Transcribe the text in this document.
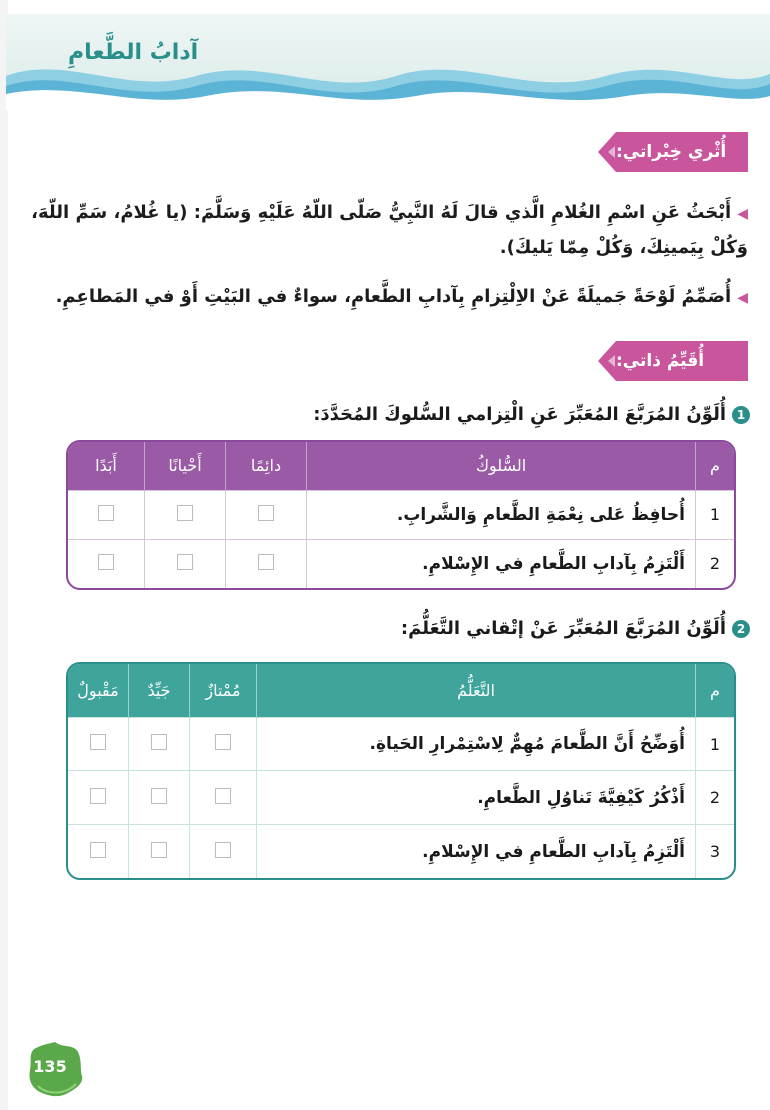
آدابُ الطَّعامِ
أُثْري خِبْراتي:
◀أَبْحَثُ عَنِ اسْمِ الغُلامِ الَّذي قالَ لَهُ النَّبِيُّ صَلّى اللّهُ عَلَيْهِ وَسَلَّمَ: (يا غُلامُ، سَمِّ اللّهَ، وَكُلْ بِيَمينِكَ، وَكُلْ مِمّا يَليكَ).
◀أُصَمِّمُ لَوْحَةً جَميلَةً عَنْ الاِلْتِزامِ بِآدابِ الطَّعامِ، سواءٌ في البَيْتِ أَوْ في المَطاعِمِ.
أُقَيِّمُ ذاتي:
1
أُلَوِّنُ المُرَبَّعَ المُعَبِّرَ عَنِ الْتِزامي السُّلوكَ المُحَدَّدَ:
م	السُّلوكُ	دائِمًا	أَحْيانًا	أَبَدًا
1	أُحافِظُ عَلى نِعْمَةِ الطَّعامِ وَالشَّرابِ.			
2	أَلْتَزِمُ بِآدابِ الطَّعامِ في الإِسْلامِ.			
2
أُلَوِّنُ المُرَبَّعَ المُعَبِّرَ عَنْ إتْقاني التَّعَلُّمَ:
م	التَّعَلُّمُ	مُمْتازٌ	جَيِّدٌ	مَقْبولٌ
1	أُوَضِّحُ أَنَّ الطَّعامَ مُهِمٌّ لِاسْتِمْرارِ الحَياةِ.			
2	أَذْكُرُ كَيْفِيَّةَ تَناوُلِ الطَّعامِ.			
3	أَلْتَزِمُ بِآدابِ الطَّعامِ في الإِسْلامِ.			
135
